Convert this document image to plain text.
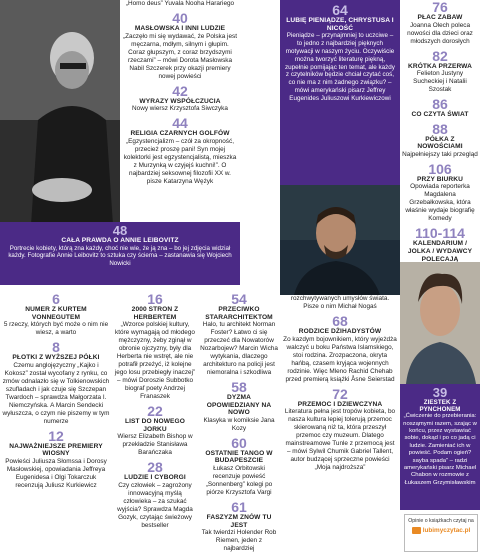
48
CAŁA PRAWDA O ANNIE LEIBOVITZ
Portrecie kobiety, którą zna każdy, choć nie wie, że ją zna – bo jej zdjęcia widział każdy. Fotografie Annie Leibovitz to sztuka czy ściema – zastanawia się Wojciech Nowicki
6
NUMER Z KURTEM VONNEGUTEM
5 rzeczy, których być może o nim nie wiesz, a warto
8
PŁOTKI Z WYŻSZEJ PÓŁKI
Czemu anglojęzyczny „Kajko i Kokosz” został wycofany z rynku, co zmów odnalazło się w Tolkienowskich szufladach i jak czuje się Szczepan Twardoch – sprawdza Małgorzata I. Niemczyńska. A Marcin Sendecki wyłuszcza, o czym nie piszemy w tym numerze
12
NAJWAŻNIEJSZE PREMIERY WIOSNY
Powieści Juliusza Słomssa i Dorosy Masłowskiej, opowiadania Jeffreya Eugenidesa i Olgi Tokarczuk recenzują Juliusz Kurkiewicz
„Homo deus” Yuvala Nooha Harariego
40
MASŁOWSKA I INNI LUDZIE
„Zaczęło mi się wydawać, że Polska jest męczarna, mdłym, silnym i głupim. Coraz głupszym, z coraz brzydszymi rzeczami” – mówi Dorota Masłowska Nabil Szczerek przy okazji premiery nowej powieści
42
WYRAZY WSPÓŁCZUCIA
Nowy wiersz Krzysztofa Siwczyka
44
RELIGIA CZARNYCH GOLFÓW
„Egzystencjalizm – czół za okropność, przecież proszę pani! Syn mojej kolektorki jest egzystencjalistą, mieszka z Murzynką w czyjejś kuchni!”. O najbardziej seksownej filozofii XX w. pisze Katarzyna Wężyk
16
2000 STRON Z HERBERTEM
„Wzorce polskiej kultury, które wymagają od młodego mężczyzny, żeby zginął w obronie ojczyzny, były dla Herberta nie wstręt, ale nie potrafił przeżyć, iż kolejne jego losu przebiegły inaczej” – mówi Doroszie Subbotko biograf poety Andrzej Franaszek
22
LIST DO NOWEGO JORKU
Wiersz Elizabeth Bishop w przekładzie Stanisława Barańczaka
28
LUDZIE I CYBORGI
Czy człowiek – zagrożony innowacyjną myślą człowieka – za szukać wyjścia? Sprawdza Magda Gozyk, czytając świeżowy bestseller
54
PRZECIWKO STARARCHITEKTOM
Halo, tu architekt Norman Foster? Łatwo ci się przeczeć dla Nowatorów Nozarbojew? Marcin Wicha wytykania, dlaczego architekturo na policji jest niemoralna i szkodliwa
58
DYZMA OPOWIEDZIANY NA NOWO
Klasyka w komiksie Jana Kozy
60
OSTATNIE TANGO W BUDAPESZCIE
Łukasz Orbitowski recenzuje powieść „Sonnenberg” kolegi po piórze Krzysztofa Vargi
61
FASZYZM ZNÓW TU JEST
Tak twierdzi Holender Rob Riemen, jeden z najbardziej
64
LUBIĘ PIENIĄDZE, CHRYSTUSA I NICOŚĆ
Pieniądze – przynajmniej to uczciwe – to jedno z najbardziej pięknych motywacji w naszym życiu. Oczywiście można tworzyć literaturę piękną, zupełnie pomijając ten temat, ale każdy z czytelników będzie chciał czytać coś, co nie ma z nim żadnego związku? – mówi amerykański pisarz Jeffrey Eugenides Juliuszowi Kurkiewiczowi
rozchwytywanych umysłów świata. Pisze o nim Michał Nogaś
68
RODZICE DŻIHADYSTÓW
Zo kazdym bojownikiem, który wyjeżdża walczyć u boku Państwa Islamskiego, stoi rodzina. Zrozpaczona, okryta hańbą, czasem kryjąca wojennych rodzinie. Więc Mleno Rachid Chehab przed premierą książki Åsne Seierstad
72
PRZEMOC I DZIEWCZYNA
Literatura pełna jest tropów kobieta, bo nasza kultura lepiej tolerują przemoc skierowaną niż ta, która przeszył przemoc czy muzeum. Dlatego mainstreamowe Tunle z przemocą jest – mówi Sylwil Chumik Gabriel Tallent, autor budzącej sprzeczne powieści „Moja najdroższa”
76
PŁAC ZABAW
Joanna Olech poleca nowości dla dzieci oraz młodszych dorosłych
82
KRÓTKA PRZERWA
Felieton Justyny Sucheckiej i Natalii Szostak
86
CO CZYTA ŚWIAT
88
PÓŁKA Z NOWOŚCIAMI
Najpełniejszy taki przegląd
106
PRZY BIURKU
Opowiada reporterka Magdalena Grzebałkowska, która właśnie wydaje biografię Komedy
110-114
KALENDARIUM / JOLKA / WYDAWCY POLECAJĄ
39
ZIESTEK Z PYNCHONEM
„Ćwiczenie do przebierania: nosząmymi razem, szając w końcu, przez wystawiać sobie, dokąd i po co jadą ci ludzie. Zamieniać ich w powieść. Podam ogień? sayba spada” – radzi amerykański pisarz Michael Chabon w rozmowie z Łukaszem Grzymisławskim
Opinie o książkach czytaj na
lubimyczytac.pl
